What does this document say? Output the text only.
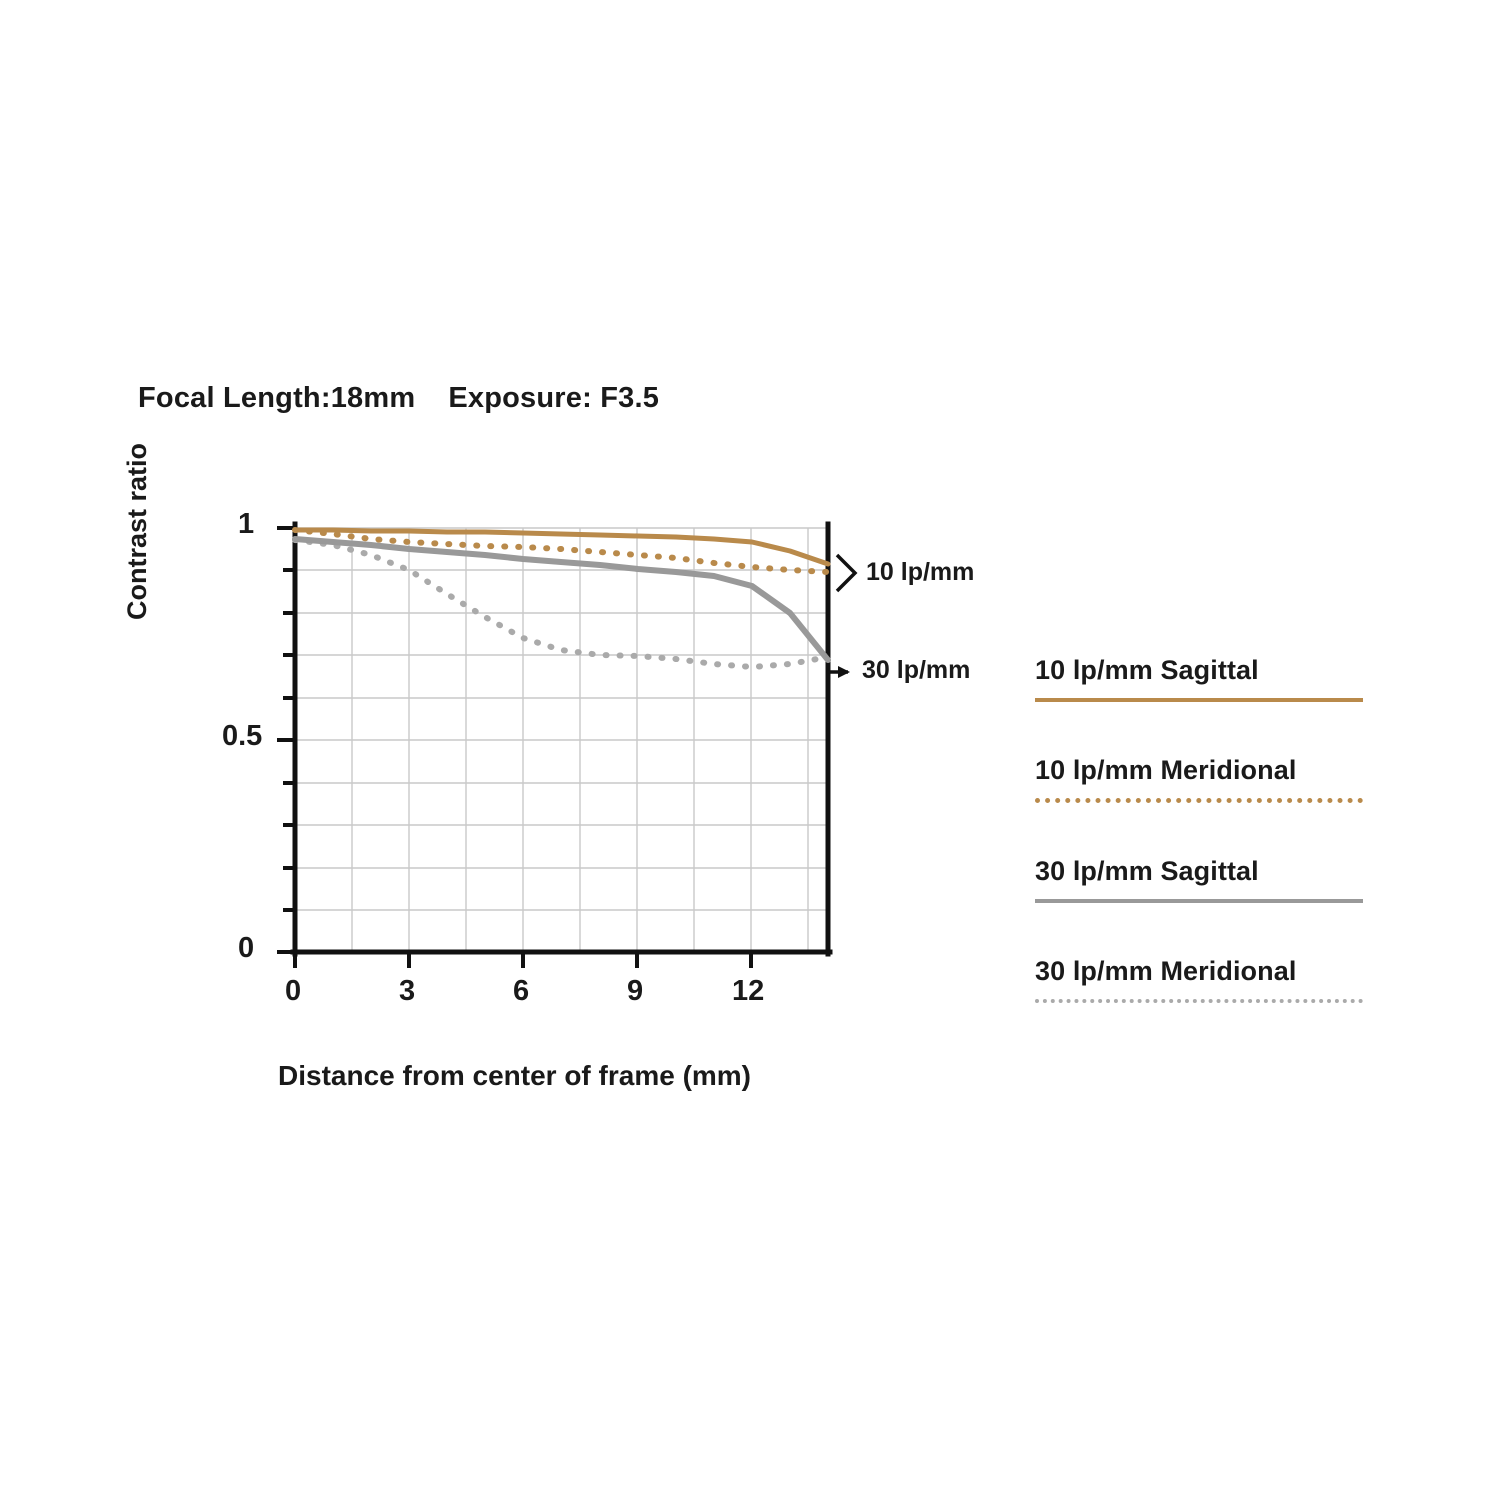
Focal Length:18mm    Exposure: F3.5
Contrast ratio
0
0.5
1
0	3	6	9	12
Distance from center of frame (mm)
10 lp/mm
30 lp/mm 10 lp/mm Sagittal
10 lp/mm Meridional
30 lp/mm Sagittal
30 lp/mm Meridional
